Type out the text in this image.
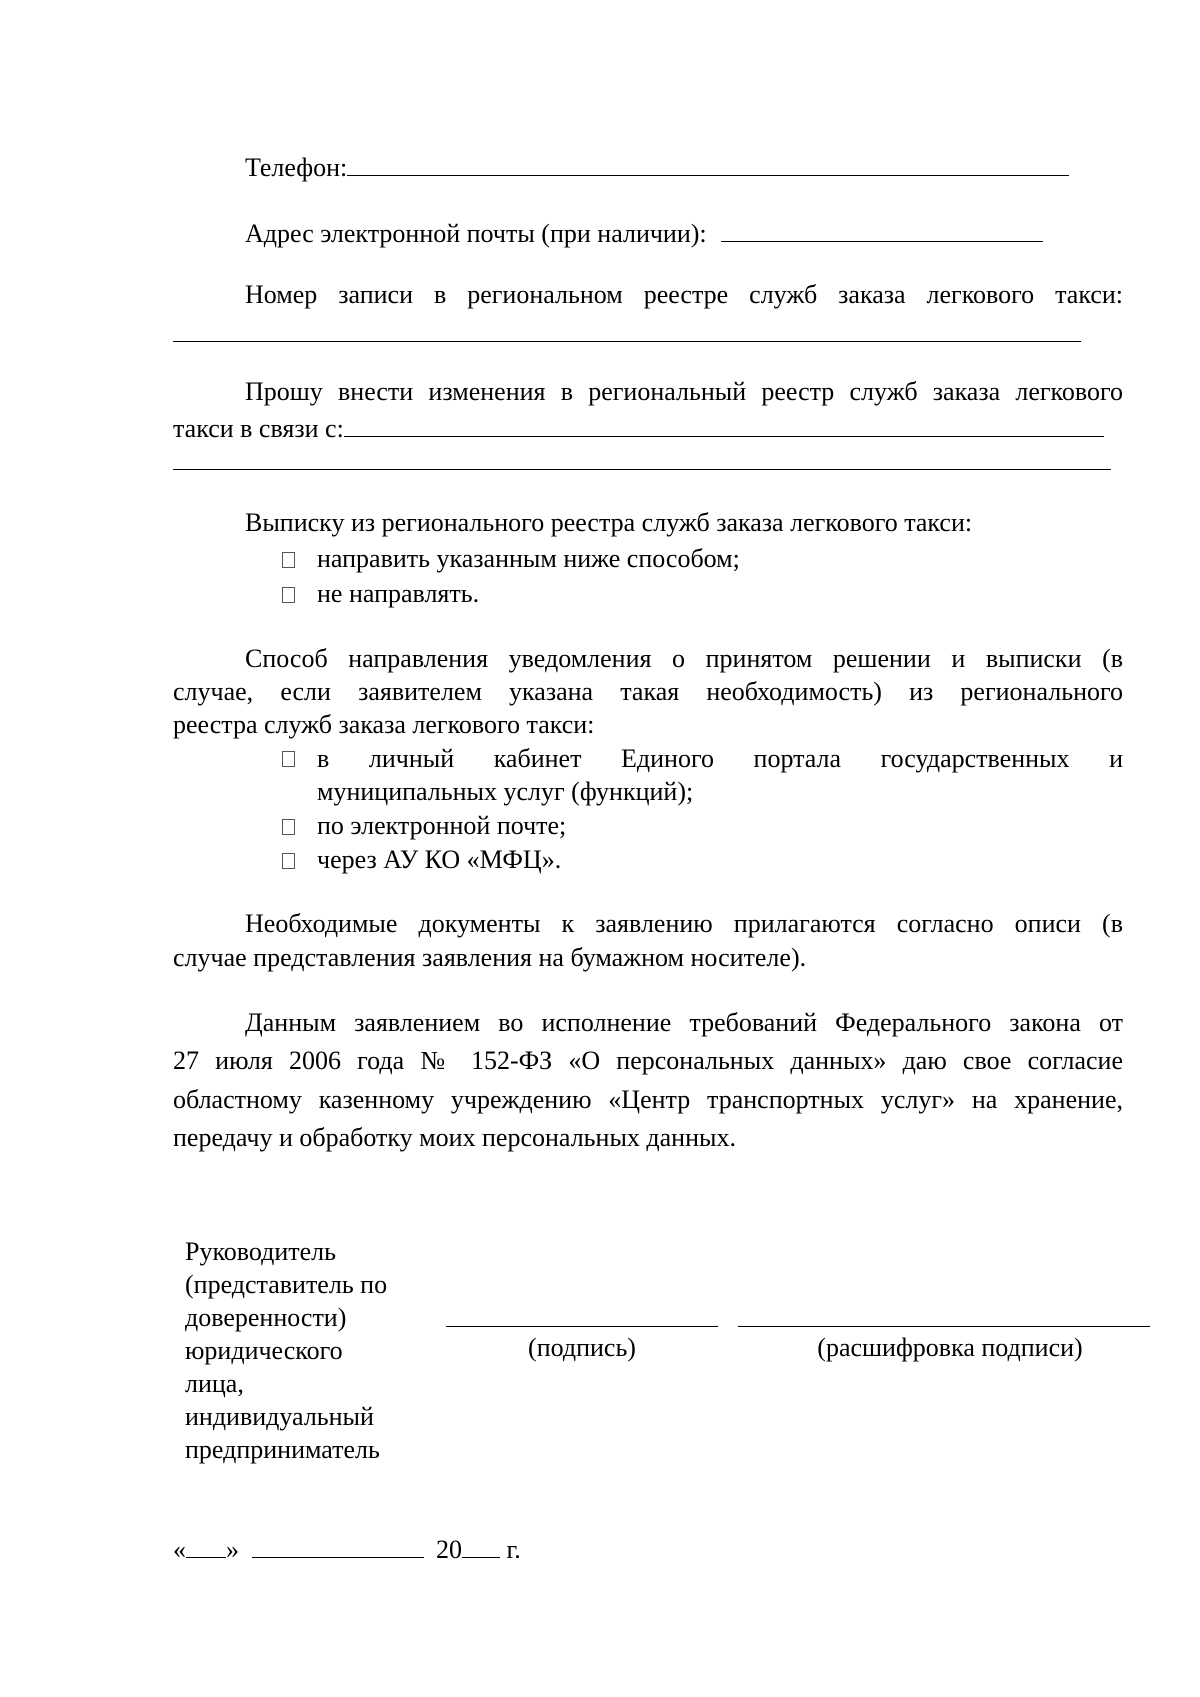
Телефон:
Адрес электронной почты (при наличии):
Номер записи в региональном реестре служб заказа легкового такси:
Прошу внести изменения в региональный реестр служб заказа легкового
такси в связи с:
Выписку из регионального реестра служб заказа легкового такси:
направить указанным ниже способом;
не направлять.
Способ направления уведомления о принятом решении и выписки (в
случае, если заявителем указана такая необходимость) из регионального
реестра служб заказа легкового такси:
в личный кабинет Единого портала государственных и
муниципальных услуг (функций);
по электронной почте;
через АУ КО «МФЦ».
Необходимые документы к заявлению прилагаются согласно описи (в
случае представления заявления на бумажном носителе).
Данным заявлением во исполнение требований Федерального закона от
27 июля 2006 года № 152-ФЗ «О персональных данных» даю свое согласие
областному казенному учреждению «Центр транспортных услуг» на хранение,
передачу и обработку моих персональных данных.
Руководитель
(представитель по
доверенности)
юридического
лица,
индивидуальный
предприниматель
(подпись)	(расшифровка подписи)
« »	20 г.
